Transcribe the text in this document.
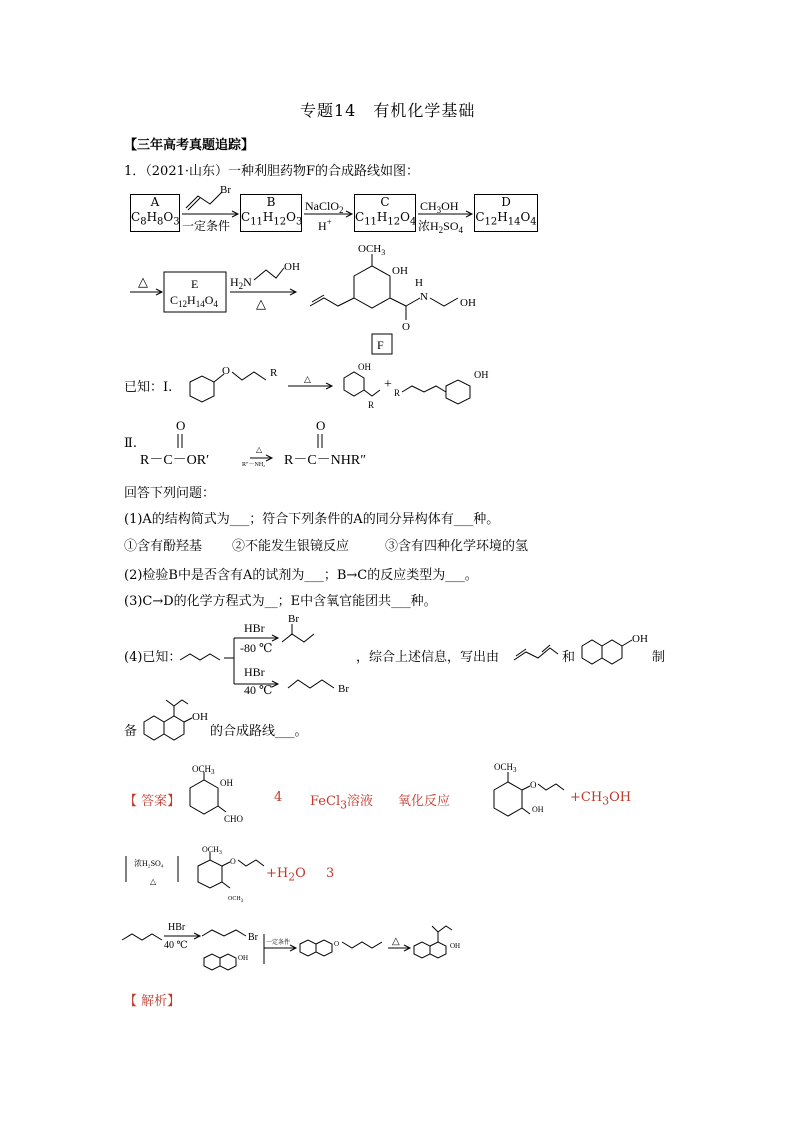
专题14　有机化学基础
【三年高考真题追踪】
1．（2021·山东）一种利胆药物F的合成路线如图：
A
$C_8H_8O_3$
B
$C_{11}H_{12}O_3$
C
$C_{11}H_{12}O_4$
D
$C_{12}H_{14}O_4$
Br
一定条件
NaClO$_2$
H+
$CH_3OH$
浓$H_2SO_4$
△	E
$C_{12}H_{14}O_4$
$H_2N$
OH
△
$OCH_3$
OH
O
H
N	OH
F
已知：Ⅰ.
O	R	△
OH
R
+
R
OH
Ⅱ.
O
R－C－OR′
△
R″－NH₂
O
R－C－NHR″
回答下列问题：
(1)A的结构简式为___；符合下列条件的A的同分异构体有___种。
①含有酚羟基 ②不能发生银镜反应	③含有四种化学环境的氢
(2)检验B中是否含有A的试剂为___；B→C的反应类型为___。
(3)C→D的化学方程式为__；E中含氧官能团共___种。
(4)已知：
HBr
-80 ℃
Br
HBr
40 ℃	Br
，综合上述信息，写出由	和
OH
制
备
OH
的合成路线___。
【 答案】
$OCH_3$
OH
CHO
4 FeCl$_3$溶液 氧化反应
$OCH_3$
O
OH
$+CH_3OH$
浓H₂SO₄
△
$OCH_3$
O
$OCH_3$
$+H_2O$ 3
HBr
40 ℃
Br 一定条件
OH
O	△	OH
【 解析】
